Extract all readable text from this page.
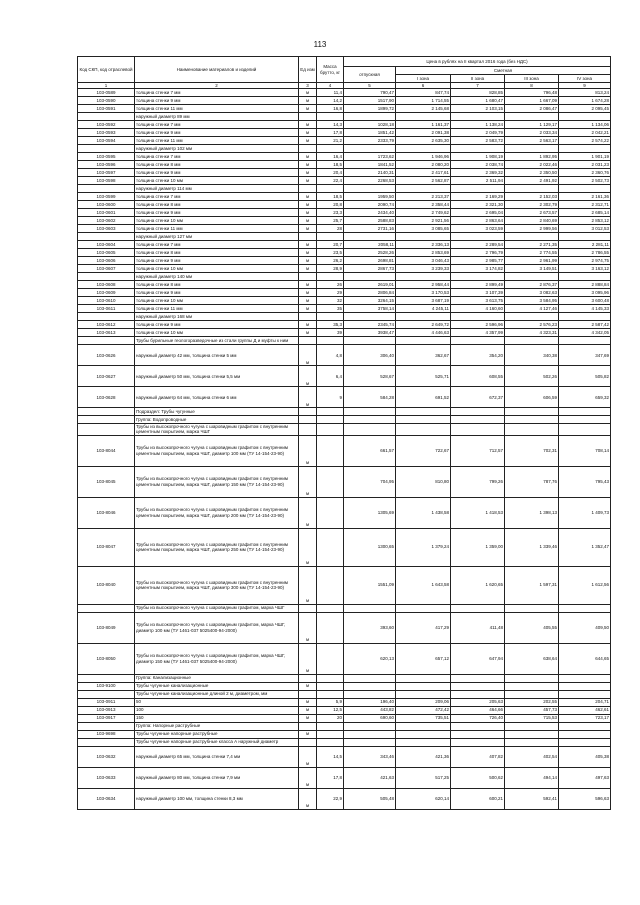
113
Код СКП, код отраслевой	Наименование материалов и изделий	Ед изм	Масса брутто, кг	Цена в рублях на II квартал 2016 года (без НДС)				
				отпускная	Сметная			
					I зона	II зона	III зона	IV зона
1	2	3	4	5	6	7	8	9
103-0589	толщина стенки 7 мм	м	11,4	790,47	847,74	828,85	796,48	813,24
103-0590	толщина стенки 9 мм	м	14,2	1517,90	1 714,55	1 680,47	1 667,09	1 674,28
103-0591	толщина стенки 11 мм	м	16,8	1899,72	2 145,68	2 103,15	2 086,47	2 095,45
	наружный диаметр 89 мм							
103-0592	толщина стенки 7 мм	м	14,3	1028,18	1 161,37	1 138,24	1 129,17	1 134,06
103-0593	толщина стенки 9 мм	м	17,8	1851,42	2 091,38	2 049,79	2 033,34	2 042,21
103-0594	толщина стенки 11 мм	м	21,2	2333,79	2 635,30	2 583,72	2 563,17	2 574,22
	наружный диаметр 102 мм							
103-0595	толщина стенки 7 мм	м	16,4	1723,62	1 946,96	1 908,19	1 892,95	1 901,19
103-0596	толщина стенки 8 мм	м	18,5	1841,52	2 080,20	2 038,74	2 022,46	2 031,23
103-0597	толщина стенки 9 мм	м	20,4	2140,31	2 417,61	2 369,32	2 350,50	2 360,76
103-0598	толщина стенки 10 мм	м	22,4	2268,53	2 562,87	2 511,94	2 491,92	2 502,73
	наружный диаметр 114 мм							
103-0599	толщина стенки 7 мм	м	18,5	1959,50	2 213,37	2 169,29	2 152,03	2 161,36
103-0600	толщина стенки 8 мм	м	20,8	2090,74	2 358,44	2 321,30	2 302,79	2 312,71
103-0601	толщина стенки 9 мм	м	23,3	2434,40	2 749,62	2 695,04	2 673,57	2 685,14
103-0602	толщина стенки 10 мм	м	25,7	2588,83	2 921,56	2 863,64	2 840,69	2 853,12
103-0603	толщина стенки 11 мм	м	28	2731,16	3 085,65	3 023,59	2 999,56	3 012,53
	наружный диаметр 127 мм							
103-0604	толщина стенки 7 мм	м	20,7	2058,11	2 336,13	2 289,54	2 271,35	2 281,11
103-0605	толщина стенки 8 мм	м	23,5	2528,26	2 853,69	2 796,79	2 774,55	2 786,55
103-0606	толщина стенки 9 мм	м	26,2	2698,81	3 046,43	2 985,77	2 961,99	2 974,75
103-0607	толщина стенки 10 мм	м	28,9	2867,73	3 239,33	3 174,82	3 149,51	3 163,12
	наружный диаметр 140 мм							
103-0608	толщина стенки 8 мм	м	26	2619,01	2 958,44	2 899,49	2 876,37	2 888,84
103-0609	толщина стенки 9 мм	м	29	2806,84	3 170,53	3 107,39	3 082,63	3 095,96
103-0610	толщина стенки 10 мм	м	32	3264,15	3 687,19	3 613,75	3 584,95	3 600,48
103-0611	толщина стенки 11 мм	м	35	3758,14	4 245,11	4 160,60	4 127,46	4 145,33
	наружный диаметр 168 мм							
103-0612	толщина стенки 9 мм	м	35,3	2345,74	2 649,72	2 596,96	2 576,23	2 587,42
103-0613	толщина стенки 10 мм	м	39	3938,47	4 446,63	4 357,99	4 323,31	4 342,05
	Трубы бурильные геологоразведочные из стали группы Д и муфты к ним							
103-0626	наружный диаметр 42 мм, толщина стенки 5 мм	м	4,8	306,40	362,67	354,20	340,38	347,69
103-0627	наружный диаметр 50 мм, толщина стенки 5,5 мм	м	6,4	528,67	525,71	608,55	502,26	505,82
103-0628	наружный диаметр 64 мм, толщина стенки 6 мм	м	9	584,28	691,52	672,37	606,59	659,32
	Подраздел: Трубы чугунные							
	Группа: Водопроводные							
	Трубы из высокопрочного чугуна с шаровидным графитом с внутренним цементным покрытием, марка ЧШГ							
103-8044	Трубы из высокопрочного чугуна с шаровидным графитом с внутренним цементным покрытием, марка ЧШГ, диаметр 100 мм (ТУ 14-154-23-90)	м		661,57	722,67	712,57	702,31	708,14
103-8045	Трубы из высокопрочного чугуна с шаровидным графитом с внутренним цементным покрытием, марка ЧШГ, диаметр 150 мм (ТУ 14-154-23-90)	м		704,95	810,80	799,26	787,76	795,43
103-8046	Трубы из высокопрочного чугуна с шаровидным графитом с внутренним цементным покрытием, марка ЧШГ, диаметр 200 мм (ТУ 14-154-23-90)	м		1305,69	1 438,58	1 418,53	1 398,13	1 409,73
103-8047	Трубы из высокопрочного чугуна с шаровидным графитом с внутренним цементным покрытием, марка ЧШГ, диаметр 250 мм (ТУ 14-154-23-90)	м		1300,65	1 379,24	1 359,00	1 339,46	1 352,47
103-8040	Трубы из высокопрочного чугуна с шаровидным графитом с внутренним цементным покрытием, марка ЧШГ, диаметр 300 мм (ТУ 14-154-23-90)	м		1551,09	1 643,58	1 620,65	1 597,31	1 612,56
	Трубы из высокопрочного чугуна с шаровидным графитом, марка ЧШГ							
103-8049	Трубы из высокопрочного чугуна с шаровидным графитом, марка ЧШГ, диаметр 100 мм (ТУ 1461-037 5025400-94-2000)	м		393,60	417,29	411,48	405,55	409,50
103-8050	Трубы из высокопрочного чугуна с шаровидным графитом, марка ЧШГ, диаметр 150 мм (ТУ 1461-037 5025400-94-2000)	м		620,13	657,12	647,94	638,64	644,65
	Группа: Канализационные							
103-9100	Трубы чугунные канализационные	м						
	Трубы чугунные канализационные длиной 2 м, диаметром, мм							
103-0911	50	м	5,9	196,40	209,06	205,63	202,55	204,71
103-0913	100	м	12,5	443,82	472,42	464,66	457,73	462,61
103-0917	150	м	20	690,60	735,51	726,40	715,53	723,17
	Группа: Напорные раструбные							
103-9698	Трубы чугунные напорные раструбные	м						
	Трубы чугунные напорные раструбные класса А наружный диаметр							
103-0632	наружный диаметр 65 мм, толщина стенки 7,4 мм	м	14,5	343,46	421,36	407,82	402,54	405,38
103-0633	наружный диаметр 80 мм, толщина стенки 7,9 мм	м	17,8	421,63	517,25	500,62	494,14	497,63
103-0634	наружный диаметр 100 мм, толщина стенки 8,3 мм	м	22,9	505,48	620,14	600,21	592,41	596,63
